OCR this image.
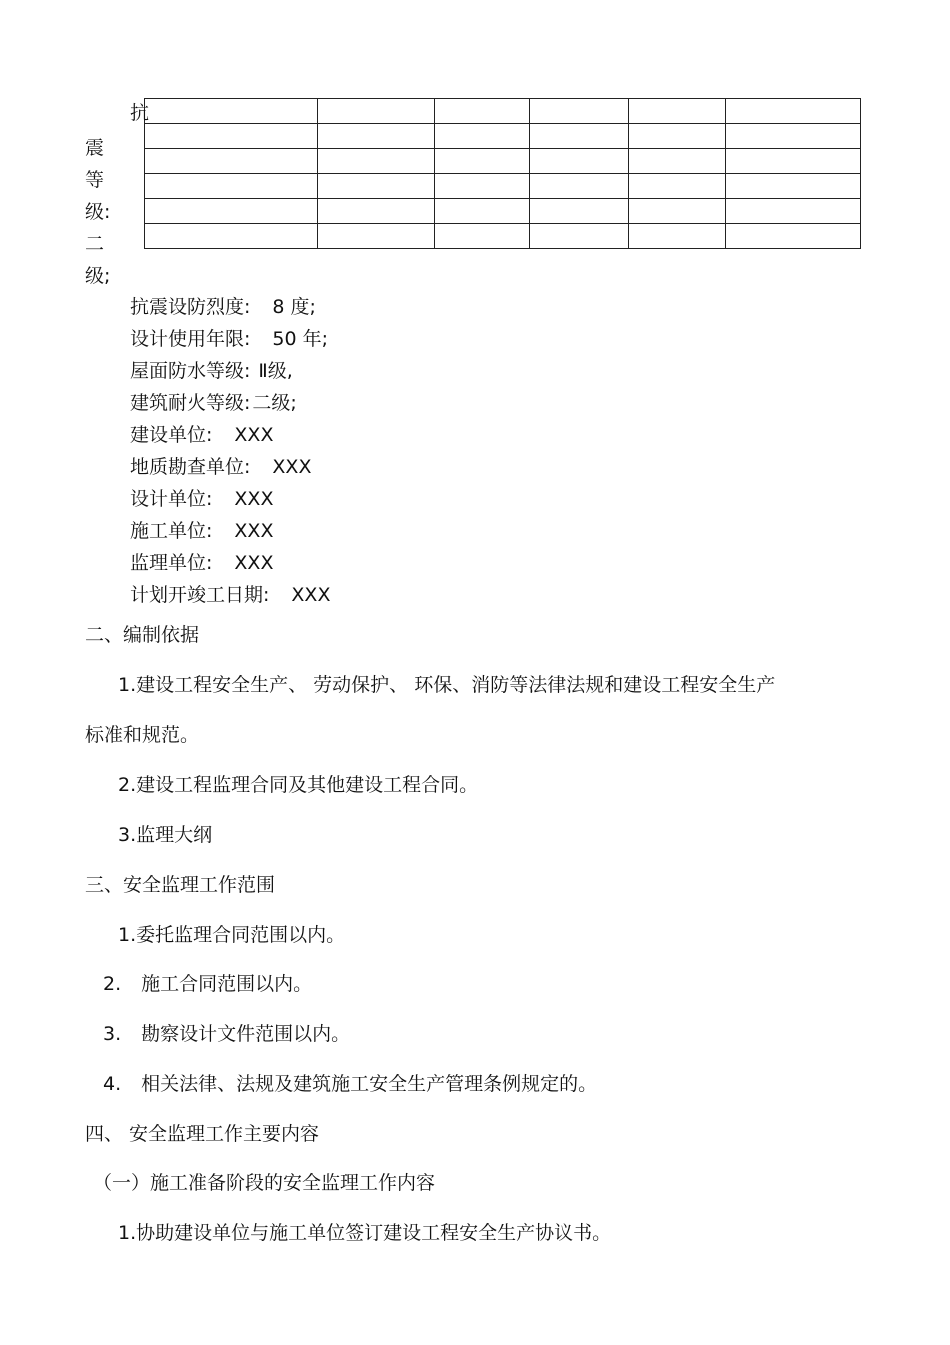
抗
震
等
级:
二
级;
抗震设防烈度: 8 度;
设计使用年限: 50 年;
屋面防水等级: Ⅱ级,
建筑耐火等级: 二级;
建设单位: XXX
地质勘查单位: XXX
设计单位: XXX
施工单位: XXX
监理单位: XXX
计划开竣工日期: XXX
二、编制依据
1.建设工程安全生产、 劳动保护、 环保、消防等法律法规和建设工程安全生产
标准和规范。
2.建设工程监理合同及其他建设工程合同。
3.监理大纲
三、安全监理工作范围
1.委托监理合同范围以内。
2. 施工合同范围以内。
3. 勘察设计文件范围以内。
4. 相关法律、法规及建筑施工安全生产管理条例规定的。
四、 安全监理工作主要内容
（一）施工准备阶段的安全监理工作内容
1.协助建设单位与施工单位签订建设工程安全生产协议书。
